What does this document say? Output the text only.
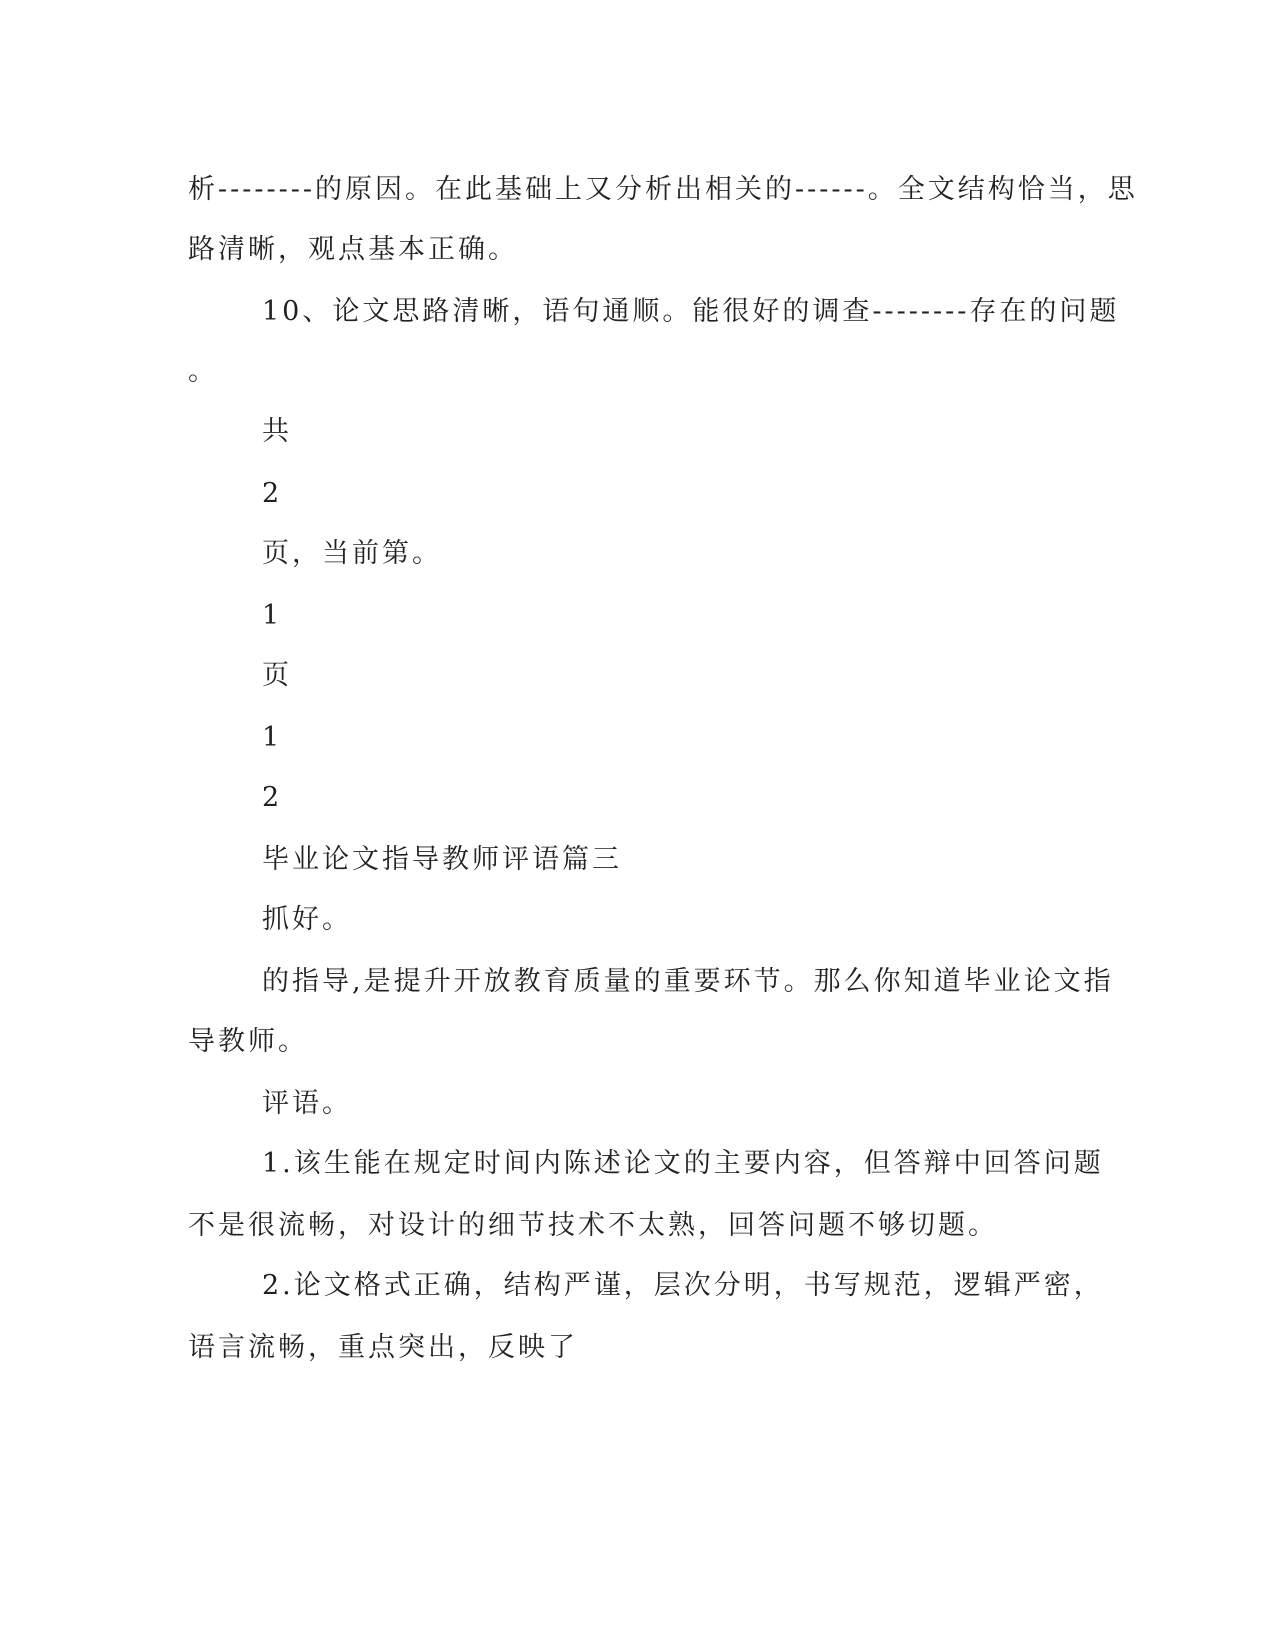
析--------的原因。在此基础上又分析出相关的------。全文结构恰当，思
路清晰，观点基本正确。
10、论文思路清晰，语句通顺。能很好的调查--------存在的问题
。
共
2
页，当前第。
1
页
1
2
毕业论文指导教师评语篇三
抓好。
的指导,是提升开放教育质量的重要环节。那么你知道毕业论文指
导教师。
评语。
1.该生能在规定时间内陈述论文的主要内容，但答辩中回答问题
不是很流畅，对设计的细节技术不太熟，回答问题不够切题。
2.论文格式正确，结构严谨，层次分明，书写规范，逻辑严密，
语言流畅，重点突出，反映了
